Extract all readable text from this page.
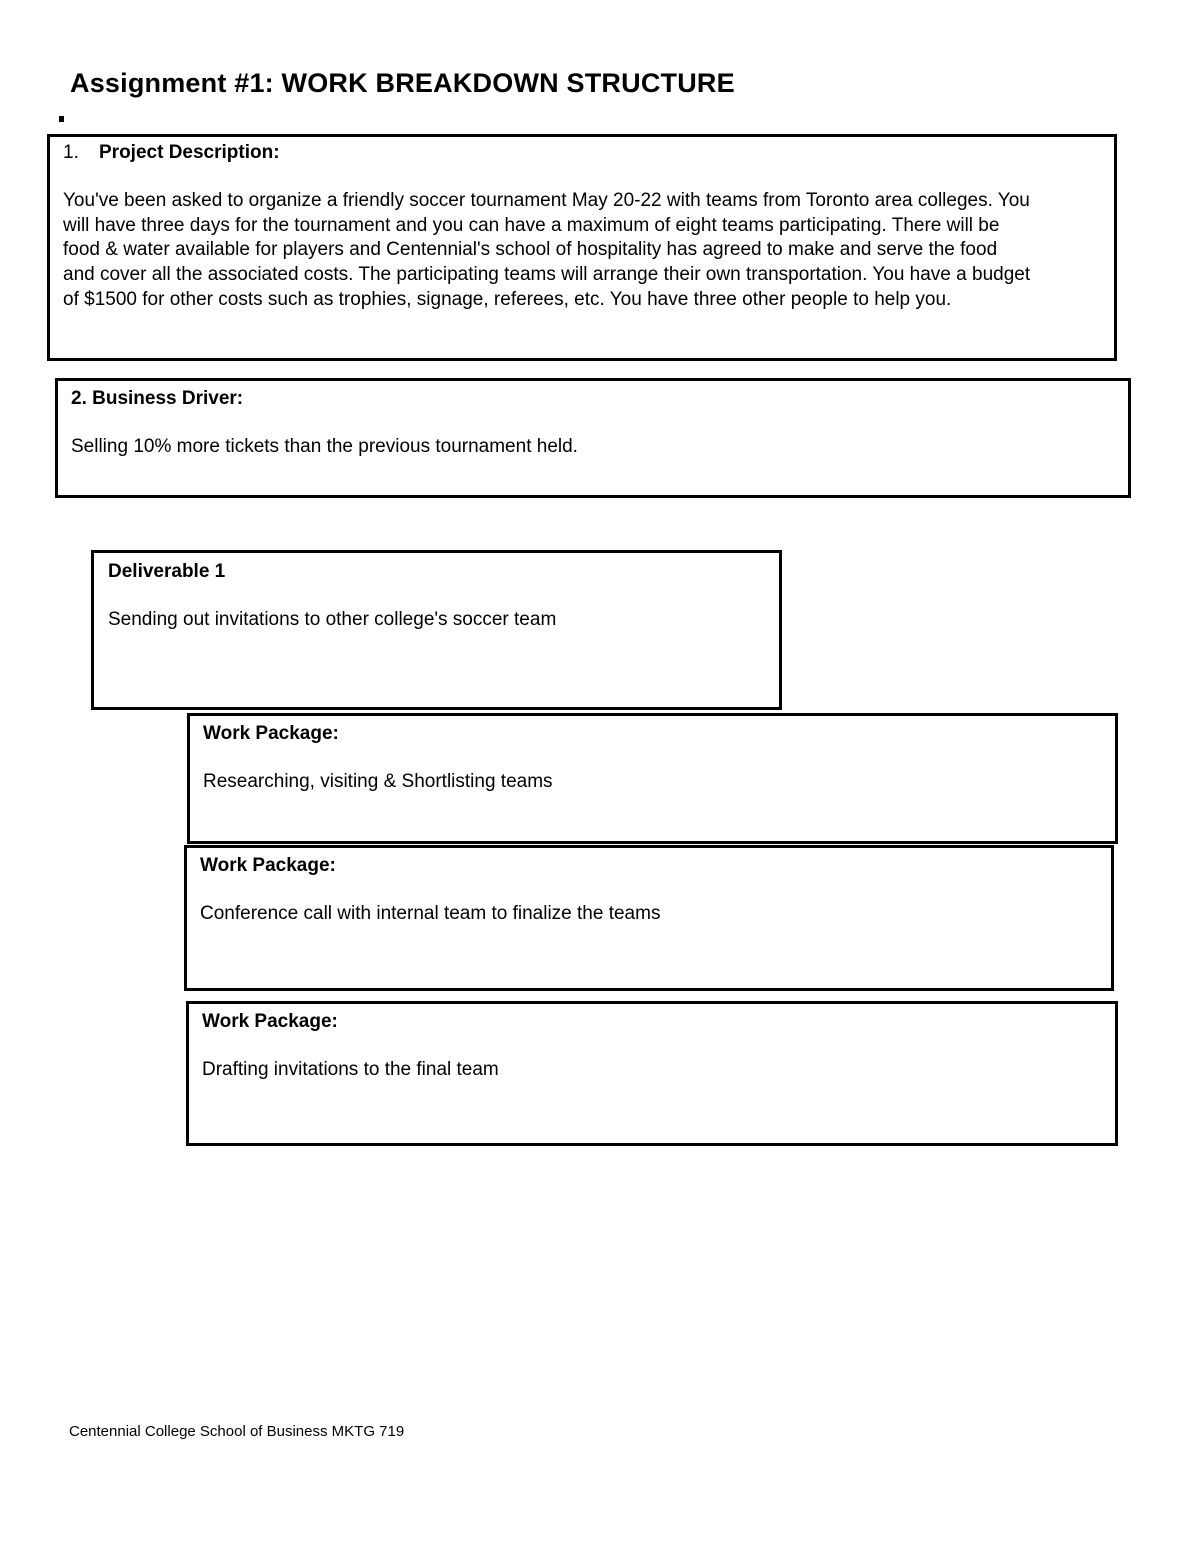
Assignment #1: WORK BREAKDOWN STRUCTURE
1. Project Description:

You've been asked to organize a friendly soccer tournament May 20-22 with teams from Toronto area colleges. You will have three days for the tournament and you can have a maximum of eight teams participating. There will be food & water available for players and Centennial's school of hospitality has agreed to make and serve the food and cover all the associated costs. The participating teams will arrange their own transportation. You have a budget of $1500 for other costs such as trophies, signage, referees, etc. You have three other people to help you.

2. Business Driver:

Selling 10% more tickets than the previous tournament held.

Deliverable 1

Sending out invitations to other college's soccer team

Work Package:

Researching, visiting & Shortlisting teams

Work Package:

Conference call with internal team to finalize the teams

Work Package:

Drafting invitations to the final team

Centennial College School of Business MKTG 719
